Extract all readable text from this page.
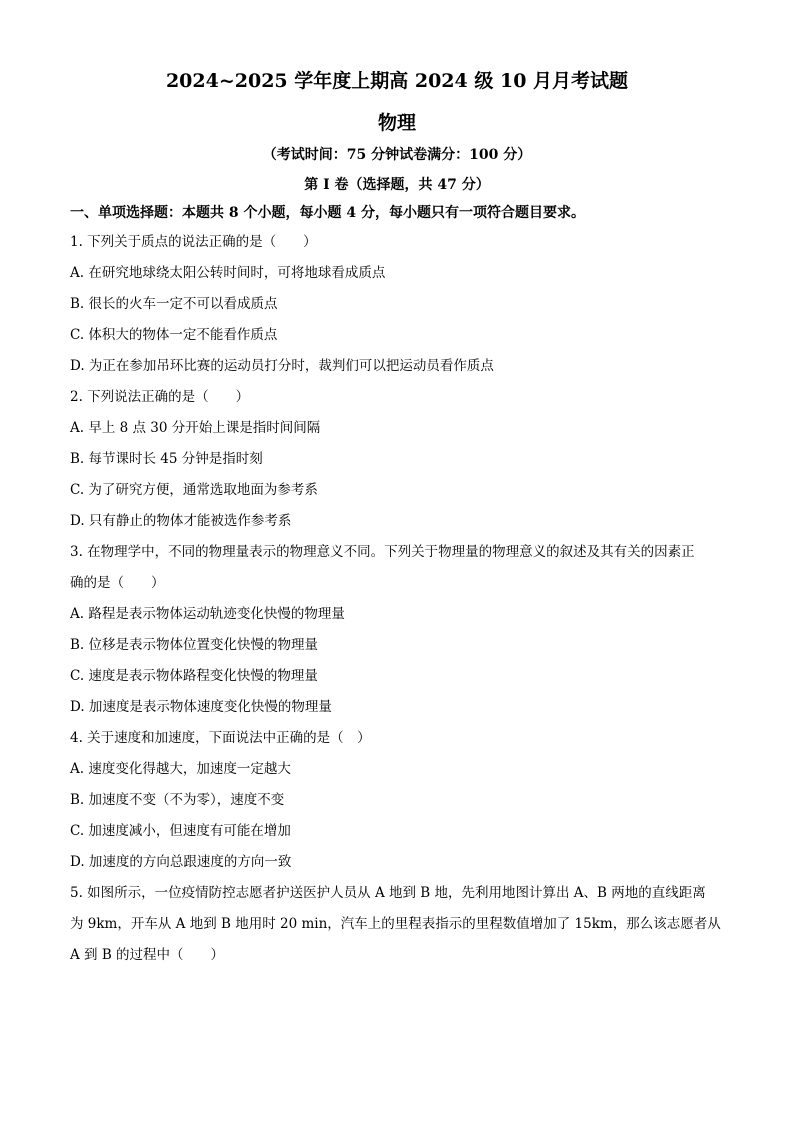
2024~2025 学年度上期高 2024 级 10 月月考试题
物理
（考试时间：75 分钟试卷满分：100 分）
第 I 卷（选择题，共 47 分）
一、单项选择题：本题共 8 个小题，每小题 4 分，每小题只有一项符合题目要求。
1. 下列关于质点的说法正确的是（　　）
A. 在研究地球绕太阳公转时间时，可将地球看成质点
B. 很长的火车一定不可以看成质点
C. 体积大的物体一定不能看作质点
D. 为正在参加吊环比赛的运动员打分时，裁判们可以把运动员看作质点
2. 下列说法正确的是（　　）
A. 早上 8 点 30 分开始上课是指时间间隔
B. 每节课时长 45 分钟是指时刻
C. 为了研究方便，通常选取地面为参考系
D. 只有静止的物体才能被选作参考系
3. 在物理学中，不同的物理量表示的物理意义不同。下列关于物理量的物理意义的叙述及其有关的因素正
确的是（　　）
A. 路程是表示物体运动轨迹变化快慢的物理量
B. 位移是表示物体位置变化快慢的物理量
C. 速度是表示物体路程变化快慢的物理量
D. 加速度是表示物体速度变化快慢的物理量
4. 关于速度和加速度，下面说法中正确的是（　）
A. 速度变化得越大，加速度一定越大
B. 加速度不变（不为零），速度不变
C. 加速度减小，但速度有可能在增加
D. 加速度的方向总跟速度的方向一致
5. 如图所示，一位疫情防控志愿者护送医护人员从 A 地到 B 地，先利用地图计算出 A、B 两地的直线距离
为 9km，开车从 A 地到 B 地用时 20 min，汽车上的里程表指示的里程数值增加了 15km，那么该志愿者从
A 到 B 的过程中（　　）
